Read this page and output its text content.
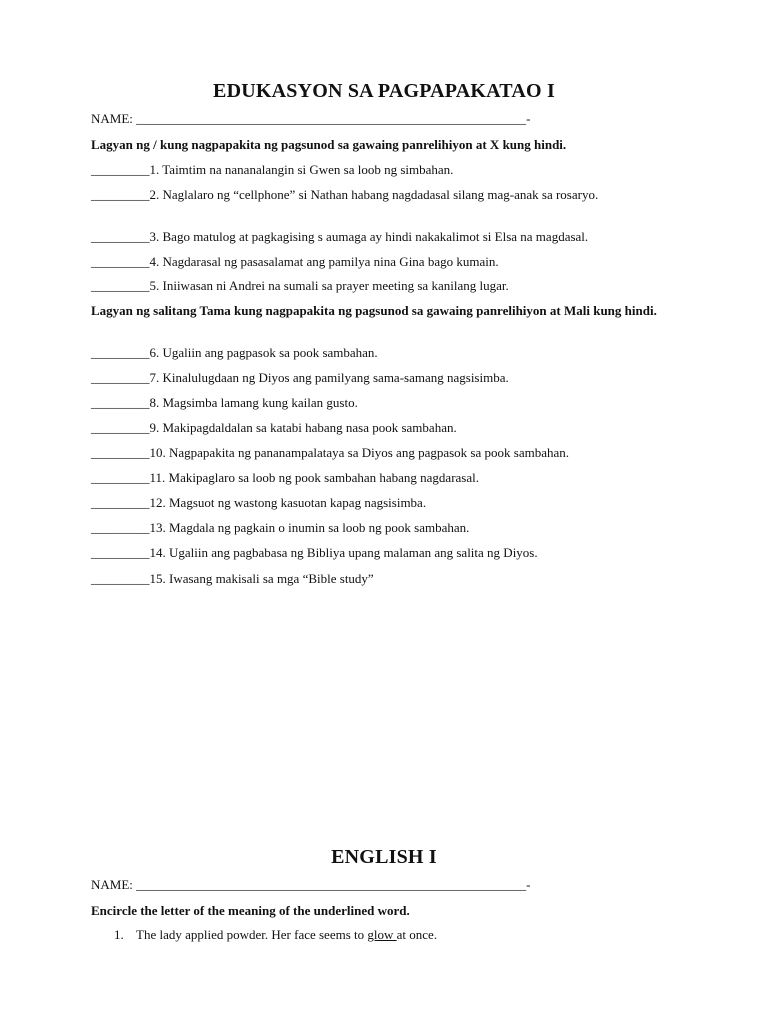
EDUKASYON SA PAGPAPAKATAO I
NAME: ____________________________________________________________-
Lagyan ng / kung nagpapakita ng pagsunod sa gawaing panrelihiyon at X kung hindi.
_________1. Taimtim na nananalangin si Gwen sa loob ng simbahan.
_________2. Naglalaro ng “cellphone” si Nathan habang nagdadasal silang mag-anak sa rosaryo.
_________3. Bago matulog at pagkagising s aumaga ay hindi nakakalimot si Elsa na magdasal.
_________4. Nagdarasal ng pasasalamat ang pamilya nina Gina bago kumain.
_________5. Iniiwasan ni Andrei na sumali sa prayer meeting sa kanilang lugar.
Lagyan ng salitang Tama kung nagpapakita ng pagsunod sa gawaing panrelihiyon at Mali kung hindi.
_________6. Ugaliin ang pagpasok sa pook sambahan.
_________7. Kinalulugdaan ng Diyos ang pamilyang sama-samang nagsisimba.
_________8. Magsimba lamang kung kailan gusto.
_________9. Makipagdaldalan sa katabi habang nasa pook sambahan.
_________10. Nagpapakita ng pananampalataya sa Diyos ang pagpasok sa pook sambahan.
_________11. Makipaglaro sa loob ng pook sambahan habang nagdarasal.
_________12. Magsuot ng wastong kasuotan kapag nagsisimba.
_________13. Magdala ng pagkain o inumin sa loob ng pook sambahan.
_________14. Ugaliin ang pagbabasa ng Bibliya upang malaman ang salita ng Diyos.
_________15. Iwasang makisali sa mga “Bible study”
ENGLISH I
NAME: ____________________________________________________________-
Encircle the letter of the meaning of the underlined word.
1. The lady applied powder. Her face seems to glow at once.
